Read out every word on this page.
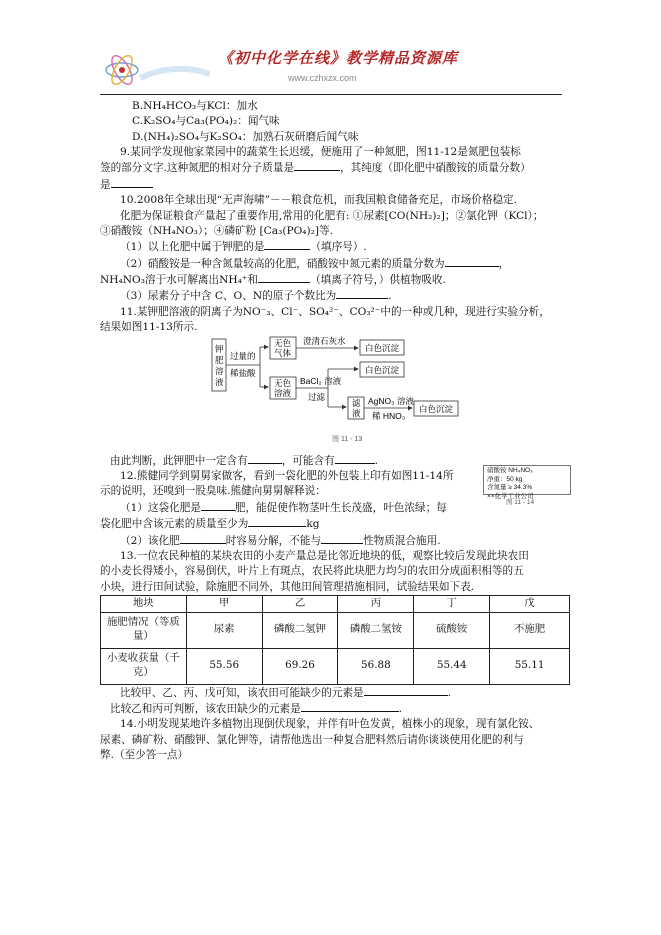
《初中化学在线》教学精品资源库
www.czhxzx.com

B.NH₄HCO₃与KCl：加水

C.K₂SO₄与Ca₃(PO₄)₂：闻气味

D.(NH₄)₂SO₄与K₂SO₄：加熟石灰研磨后闻气味

9.某同学发现他家菜园中的蔬菜生长迟缓，便施用了一种氮肥，图11-12是氮肥包装标

签的部分文字.这种氮肥的相对分子质量是	，其纯度（即化肥中硝酸铵的质量分数）

是

10.2008年全球出现“无声海啸”－－粮食危机，而我国粮食储备充足，市场价格稳定.

化肥为保证粮食产量起了重要作用,常用的化肥有: ①尿素[CO(NH₂)₂]；②氯化钾（KCl）；

③硝酸铵（NH₄NO₃）；④磷矿粉 [Ca₃(PO₄)₂]等.

（1）以上化肥中属于钾肥的是	（填序号）.

（2）硝酸铵是一种含氮量较高的化肥，硝酸铵中氮元素的质量分数为	，

NH₄NO₃溶于水可解离出NH₄⁺和	（填离子符号，）供植物吸收.

（3）尿素分子中含 C、O、N的原子个数比为	.

11.某钾肥溶液的阴离子为NO⁻₃、Cl⁻、SO₄²⁻、CO₃²⁻中的一种或几种，现进行实验分析，

结果如图11-13所示.

钾
肥
溶
液
过量的
稀盐酸
无色
气体
澄清石灰水
白色沉淀
无色
溶液
BaCl₂ 溶液
过滤
白色沉淀
滤
液
AgNO₃ 溶液
稀 HNO₃
白色沉淀
图 11 - 13

由此判断，此钾肥中一定含有	，可能含有	.

硝酸铵 NH₄NO₃
净重：50 kg
含氮量 ≥ 34.3%
××化学工业公司
图 11 - 14

12.熊健同学到舅舅家做客，看到一袋化肥的外包装上印有如图11-14所

示的说明，还嗅到一股臭味.熊健向舅舅解释说：

（1）这袋化肥是	肥，能促使作物茎叶生长茂盛，叶色浓绿；每

袋化肥中含该元素的质量至少为	kg

（2）该化肥	时容易分解，不能与	性物质混合施用.

13.一位农民种植的某块农田的小麦产量总是比邻近地块的低，观察比较后发现此块农田

的小麦长得矮小，容易倒伏，叶片上有斑点，农民将此块肥力均匀的农田分成面积相等的五

小块，进行田间试验，除施肥不同外，其他田间管理措施相同，试验结果如下表.

地块	甲	乙	丙	丁	戊
施肥情况（等质量）	尿素	磷酸二氢钾	磷酸二氢铵	硫酸铵	不施肥
小麦收获量（千克）	55.56	69.26	56.88	55.44	55.11

比较甲、乙、丙、戊可知，该农田可能缺少的元素是	.

比较乙和丙可判断，该农田缺少的元素是	.

14.小明发现某地许多植物出现倒伏现象，并伴有叶色发黄，植株小的现象，现有氯化铵、

尿素、磷矿粉、硝酸钾、氯化钾等，请帮他选出一种复合肥料然后请你谈谈使用化肥的利与

弊.（至少答一点）
